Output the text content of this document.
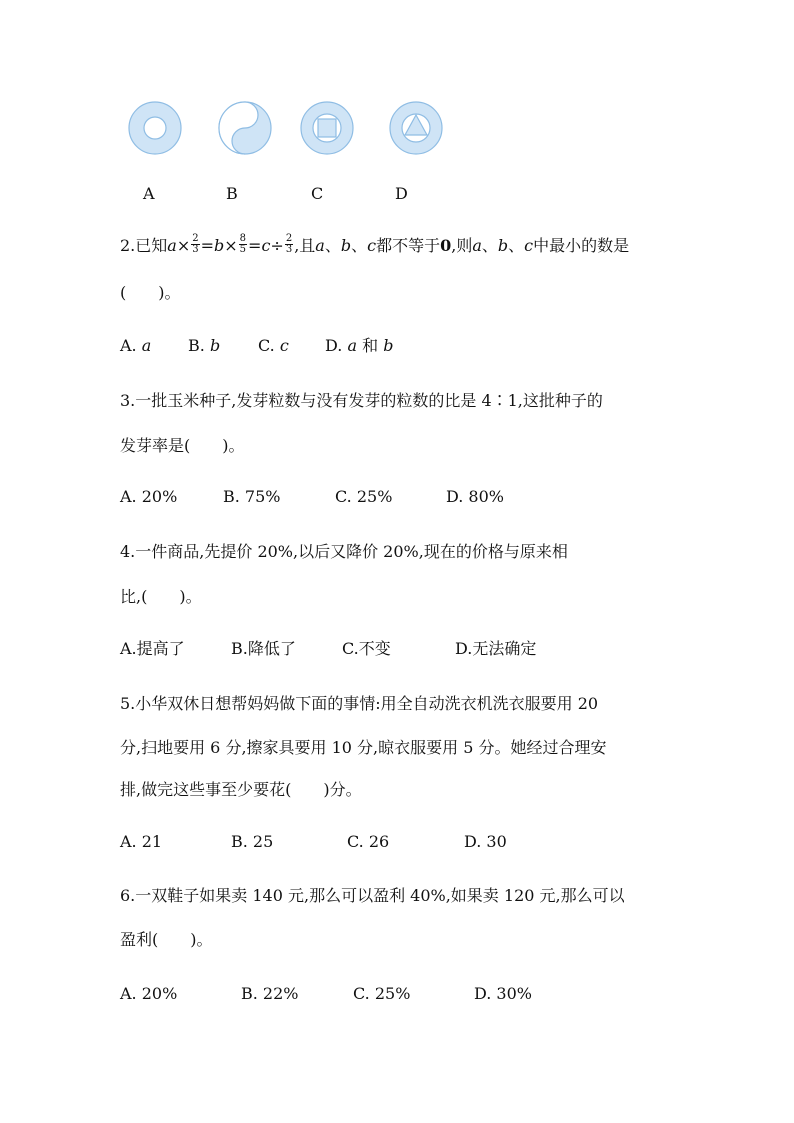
A	B	C	D
2.已知$a\times \frac{2}{3} =b\times \frac{8}{5} =c\div \frac{2}{3}$ ,且a、b、c都不等于0,则a、b、c中最小的数是
(　　)。
A. a B. b C. c D. a 和 b
3.一批玉米种子,发芽粒数与没有发芽的粒数的比是 4∶1,这批种子的
发芽率是(　　)。
A. 20%	B. 75%	C. 25%	D. 80%
4.一件商品,先提价 20%,以后又降价 20%,现在的价格与原来相
比,(　　)。
A.提高了	B.降低了	C.不变	D.无法确定
5.小华双休日想帮妈妈做下面的事情:用全自动洗衣机洗衣服要用 20
分,扫地要用 6 分,擦家具要用 10 分,晾衣服要用 5 分。她经过合理安
排,做完这些事至少要花(　　)分。
A. 21	B. 25	C. 26	D. 30
6.一双鞋子如果卖 140 元,那么可以盈利 40%,如果卖 120 元,那么可以
盈利(　　)。
A. 20%	B. 22%	C. 25%	D. 30%
